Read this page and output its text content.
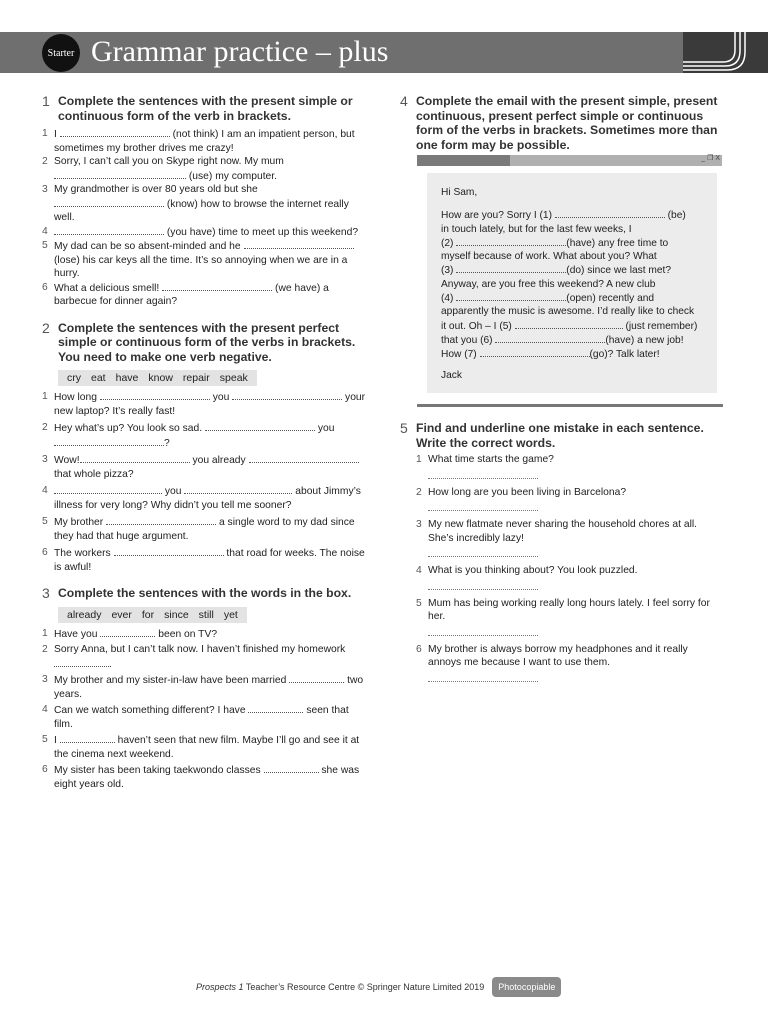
Starter Grammar practice – plus
1 Complete the sentences with the present simple or continuous form of the verb in brackets.
1 I	(not think) I am an impatient person, but sometimes my brother drives me crazy!
2 Sorry, I can’t call you on Skype right now. My mum  (use) my computer.
3 My grandmother is over 80 years old but she  (know) how to browse the internet really well.
4	(you have) time to meet up this weekend?
5 My dad can be so absent-minded and he  (lose) his car keys all the time. It’s so annoying when we are in a hurry.
6 What a delicious smell!	(we have) a barbecue for dinner again?
2 Complete the sentences with the present perfect simple or continuous form of the verbs in brackets. You need to make one verb negative.
cry eat have know repair speak
1 How long	you	your new laptop? It’s really fast!
2 Hey what’s up? You look so sad.	you ?
3 Wow!	you already  that whole pizza?
4	you	about Jimmy’s illness for very long? Why didn’t you tell me sooner?
5 My brother	a single word to my dad since they had that huge argument.
6 The workers	that road for weeks. The noise is awful!
3 Complete the sentences with the words in the box.
already ever for since still yet
1 Have you	been on TV?
2 Sorry Anna, but I can’t talk now. I haven’t finished my homework .
3 My brother and my sister-in-law have been married	two years.
4 Can we watch something different? I have	seen that film.
5 I	haven’t seen that new film. Maybe I’ll go and see it at the cinema next weekend.
6 My sister has been taking taekwondo classes	she was eight years old.
4 Complete the email with the present simple, present continuous, present perfect simple or continuous form of the verbs in brackets. Sometimes more than one form may be possible.
_ ❐ X
Hi Sam,
How are you? Sorry I (1)	(be)
in touch lately, but for the last few weeks, I
(2)	(have) any free time to
myself because of work. What about you? What
(3)	(do) since we last met?
Anyway, are you free this weekend? A new club
(4)	(open) recently and
apparently the music is awesome. I’d really like to check
it out. Oh – I (5)	(just remember)
that you (6)	(have) a new job!
How (7)	(go)? Talk later!
Jack
5 Find and underline one mistake in each sentence. Write the correct words.
1 What time starts the game?
2 How long are you been living in Barcelona?
3 My new flatmate never sharing the household chores at all. She’s incredibly lazy!
4 What is you thinking about? You look puzzled.
5 Mum has being working really long hours lately. I feel sorry for her.
6 My brother is always borrow my headphones and it really annoys me because I want to use them.
Prospects 1 Teacher’s Resource Centre © Springer Nature Limited 2019	Photocopiable
